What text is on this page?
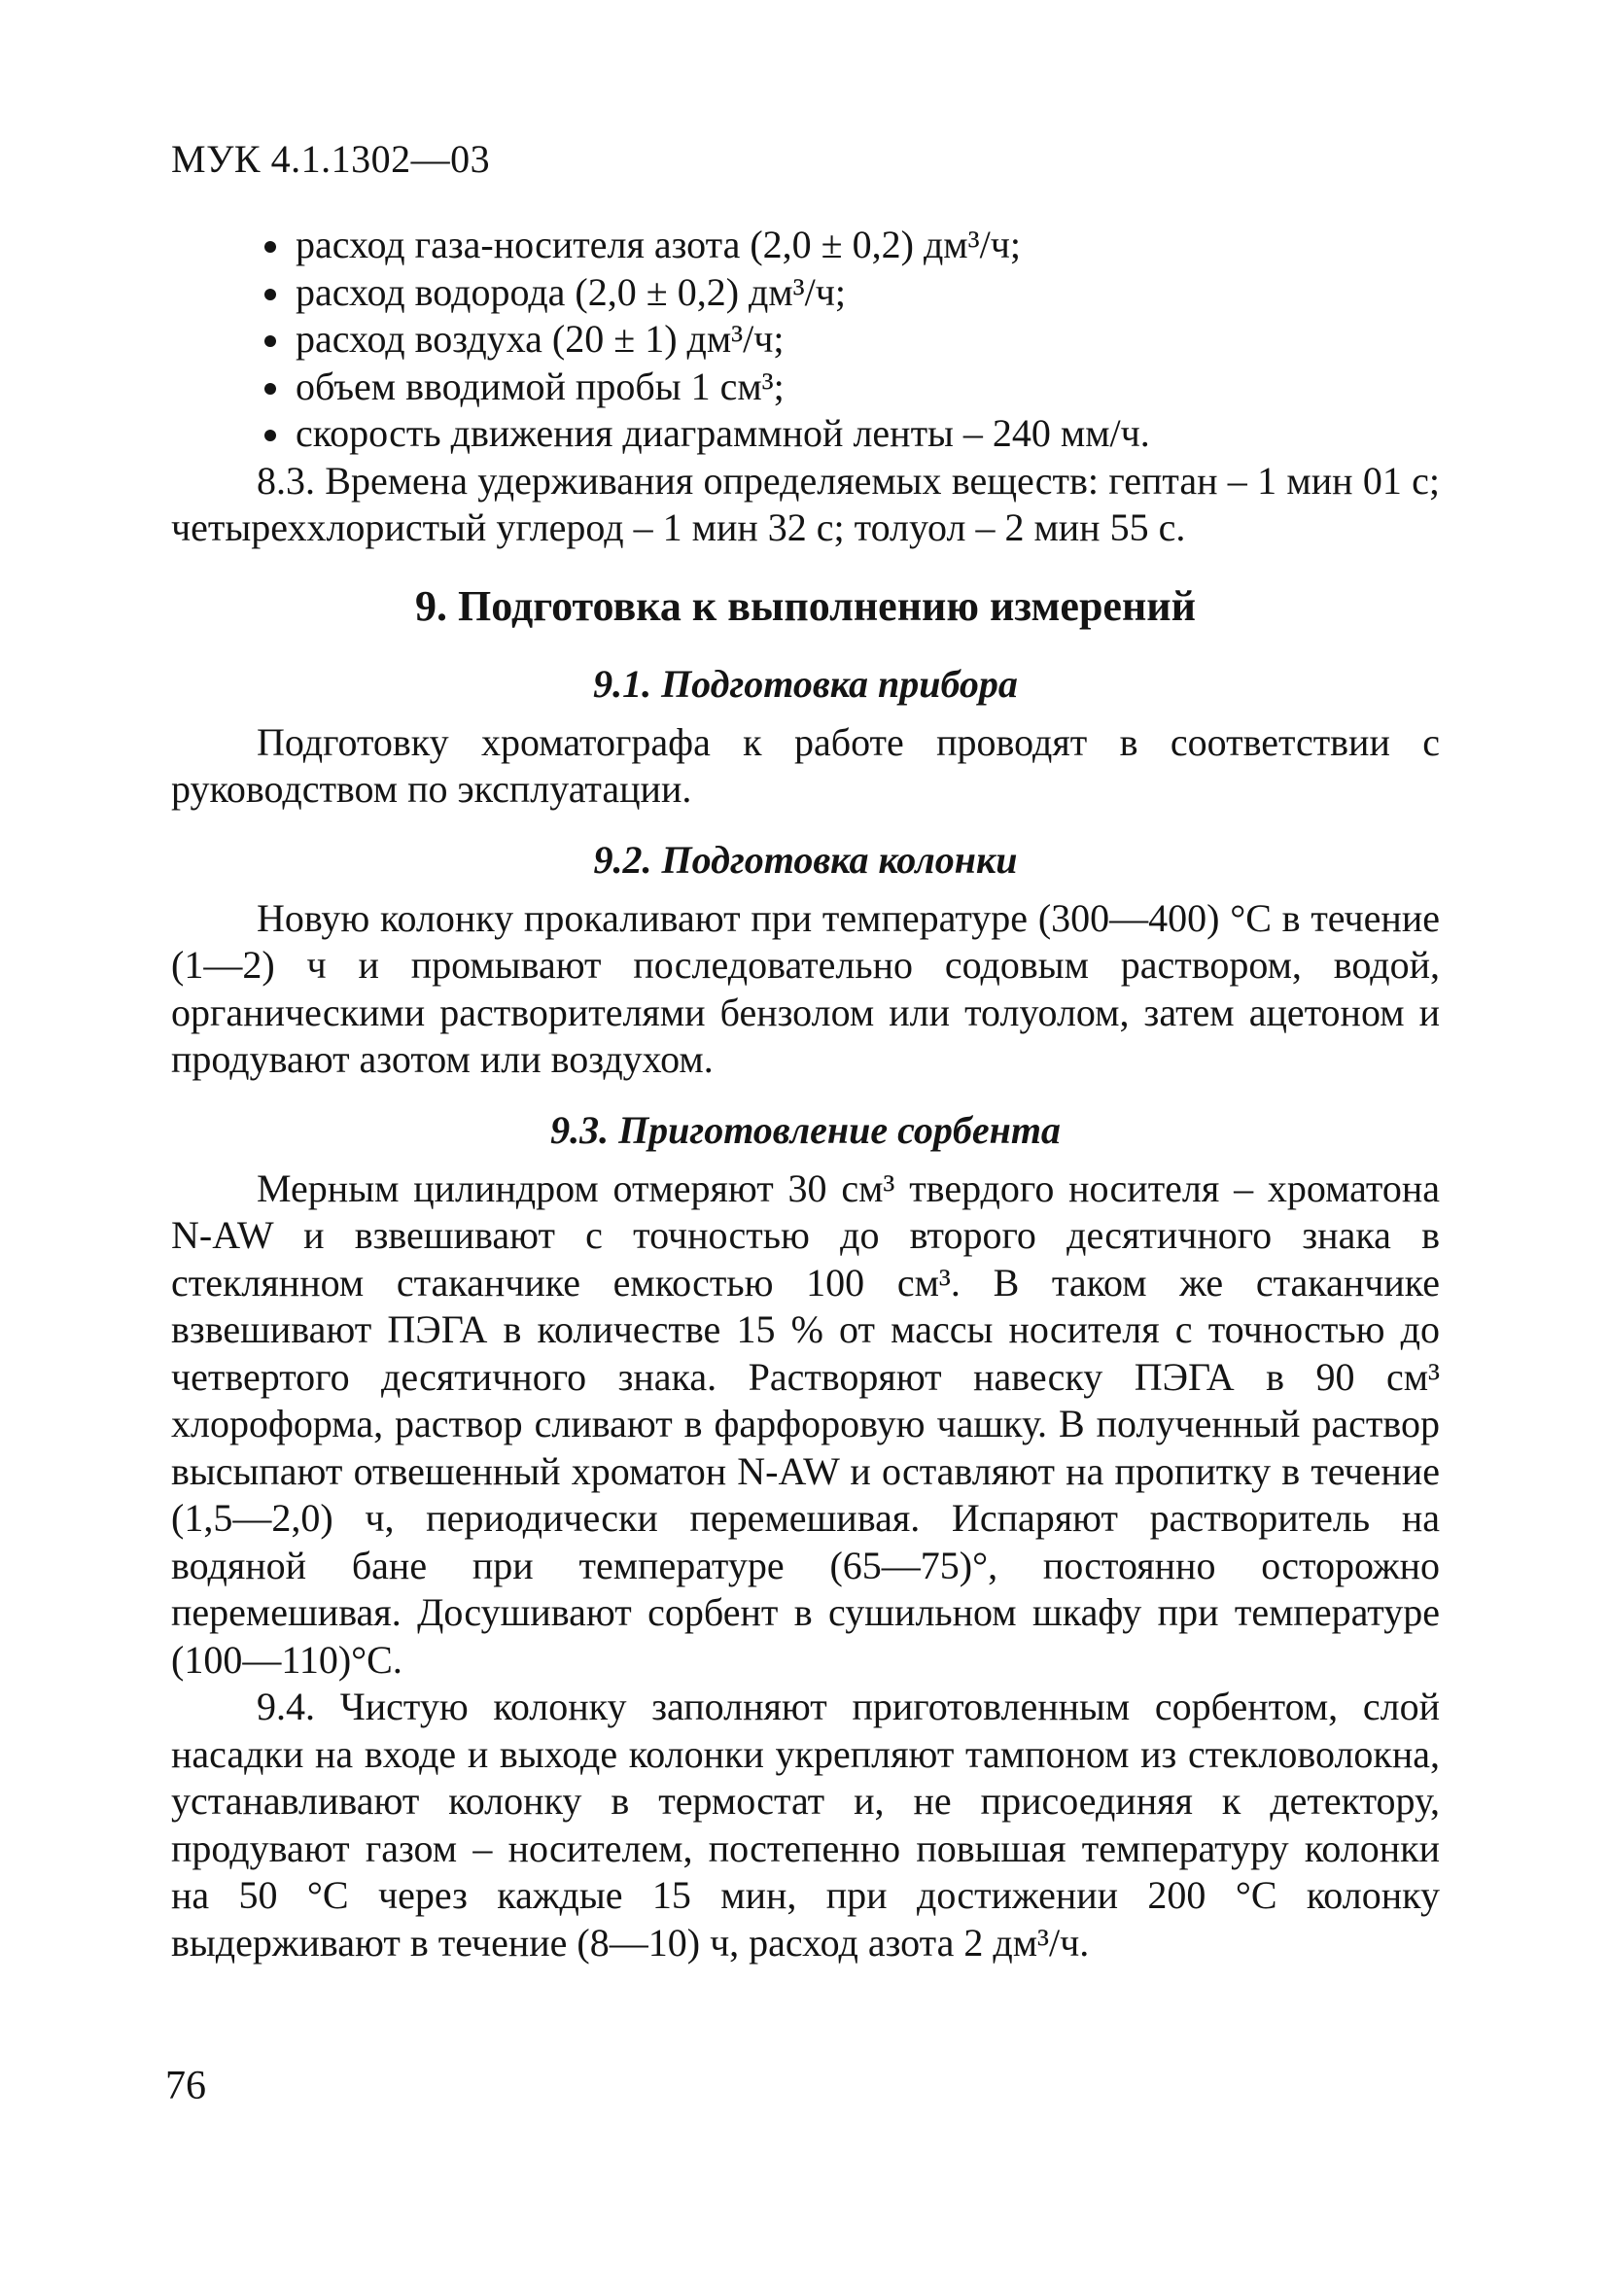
МУК 4.1.1302—03
расход газа-носителя азота (2,0 ± 0,2) дм³/ч;
расход водорода (2,0 ± 0,2) дм³/ч;
расход воздуха (20 ± 1) дм³/ч;
объем вводимой пробы 1 см³;
скорость движения диаграммной ленты – 240 мм/ч.

8.3. Времена удерживания определяемых веществ: гептан – 1 мин 01 с; четыреххлористый углерод – 1 мин 32 с; толуол – 2 мин 55 с.

9. Подготовка к выполнению измерений
9.1. Подготовка прибора

Подготовку хроматографа к работе проводят в соответствии с руководством по эксплуатации.

9.2. Подготовка колонки

Новую колонку прокаливают при температуре (300—400) °С в течение (1—2) ч и промывают последовательно содовым раствором, водой, органическими растворителями бензолом или толуолом, затем ацетоном и продувают азотом или воздухом.

9.3. Приготовление сорбента

Мерным цилиндром отмеряют 30 см³ твердого носителя – хроматона N-AW и взвешивают с точностью до второго десятичного знака в стеклянном стаканчике емкостью 100 см³. В таком же стаканчике взвешивают ПЭГА в количестве 15 % от массы носителя с точностью до четвертого десятичного знака. Растворяют навеску ПЭГА в 90 см³ хлороформа, раствор сливают в фарфоровую чашку. В полученный раствор высыпают отвешенный хроматон N-AW и оставляют на пропитку в течение (1,5—2,0) ч, периодически перемешивая. Испаряют растворитель на водяной бане при температуре (65—75)°, постоянно осторожно перемешивая. Досушивают сорбент в сушильном шкафу при температуре (100—110)°С.

9.4. Чистую колонку заполняют приготовленным сорбентом, слой насадки на входе и выходе колонки укрепляют тампоном из стекловолокна, устанавливают колонку в термостат и, не присоединяя к детектору, продувают газом – носителем, постепенно повышая температуру колонки на 50 °С через каждые 15 мин, при достижении 200 °С колонку выдерживают в течение (8—10) ч, расход азота 2 дм³/ч.

76
